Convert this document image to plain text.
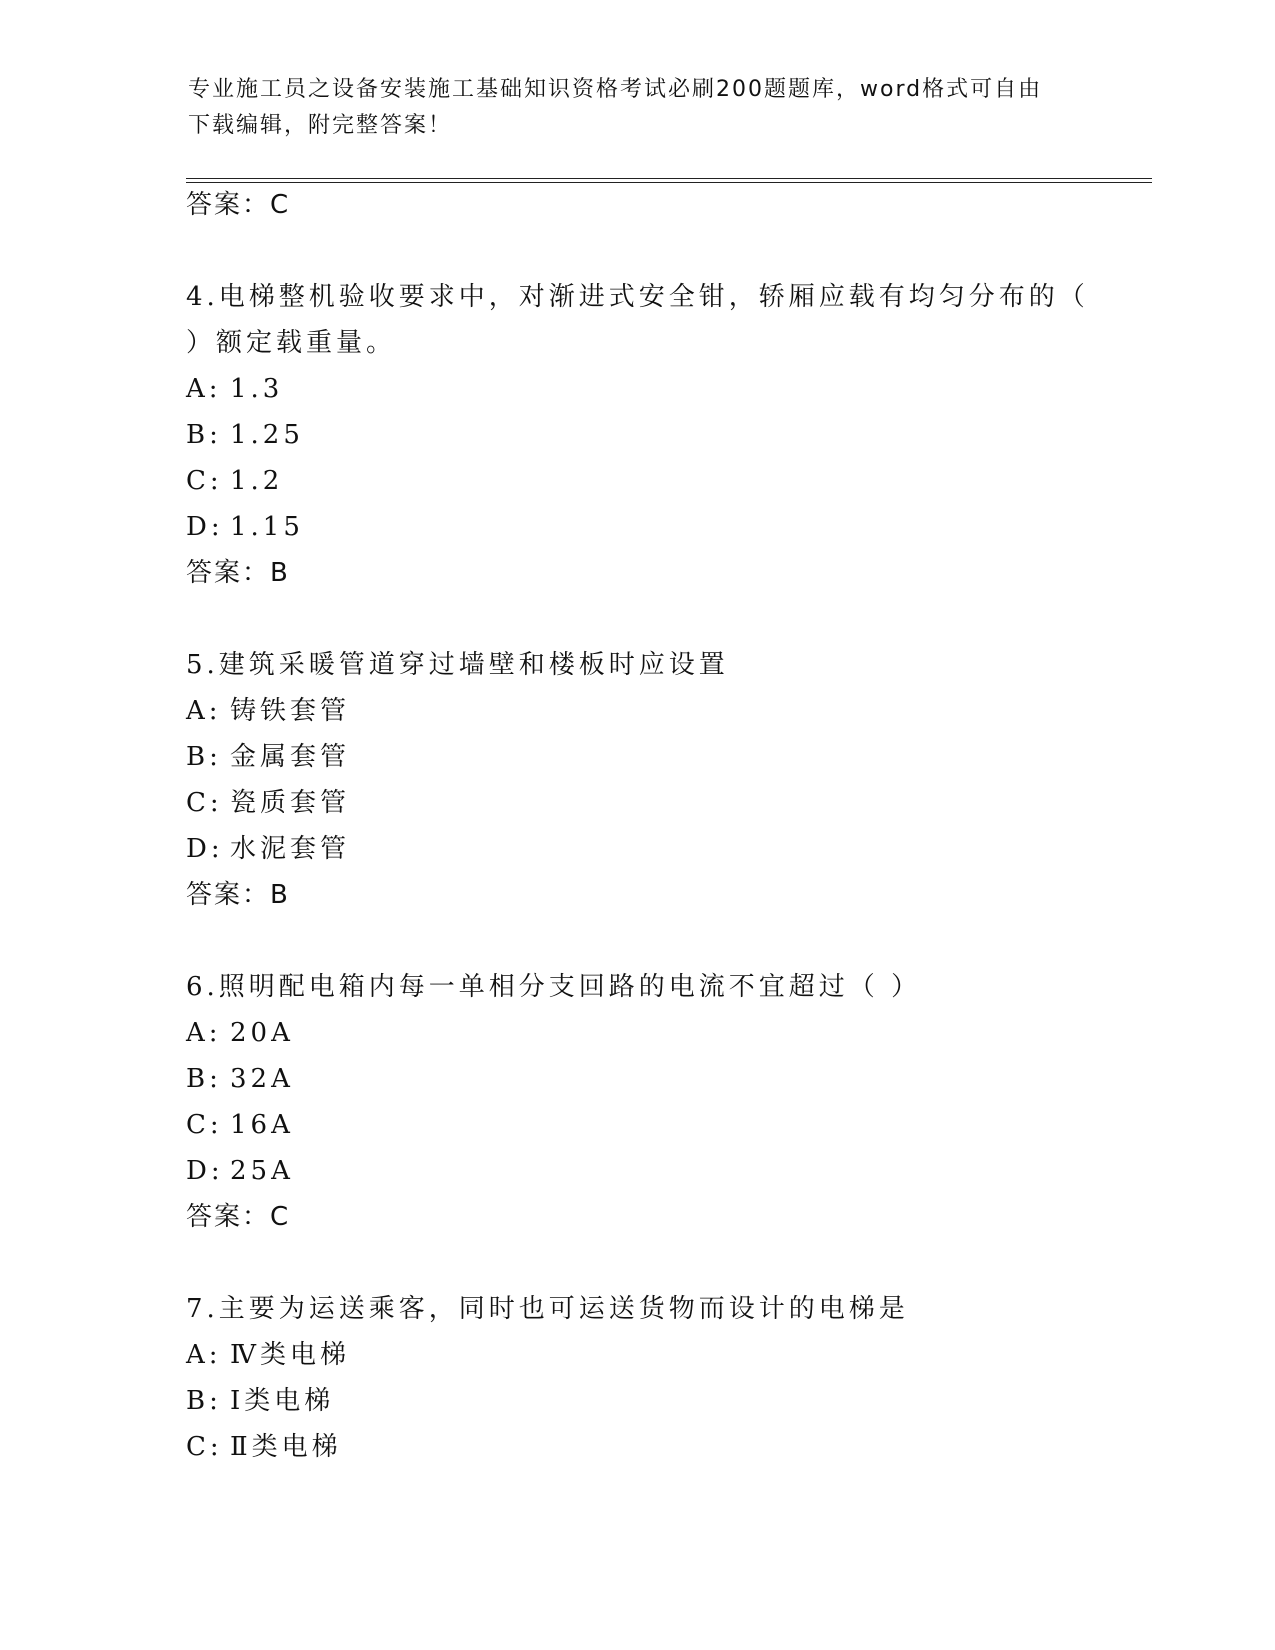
专业施工员之设备安装施工基础知识资格考试必刷200题题库，word格式可自由
下载编辑，附完整答案！
答案：C
4.电梯整机验收要求中，对渐进式安全钳，轿厢应载有均匀分布的（
）额定载重量。
A: 1.3
B: 1.25
C: 1.2
D: 1.15
答案：B
5.建筑采暖管道穿过墙壁和楼板时应设置
A: 铸铁套管
B: 金属套管
C: 瓷质套管
D: 水泥套管
答案：B
6.照明配电箱内每一单相分支回路的电流不宜超过（ ）
A: 20A
B: 32A
C: 16A
D: 25A
答案：C
7.主要为运送乘客，同时也可运送货物而设计的电梯是
A: Ⅳ类电梯
B: Ⅰ类电梯
C: Ⅱ类电梯
